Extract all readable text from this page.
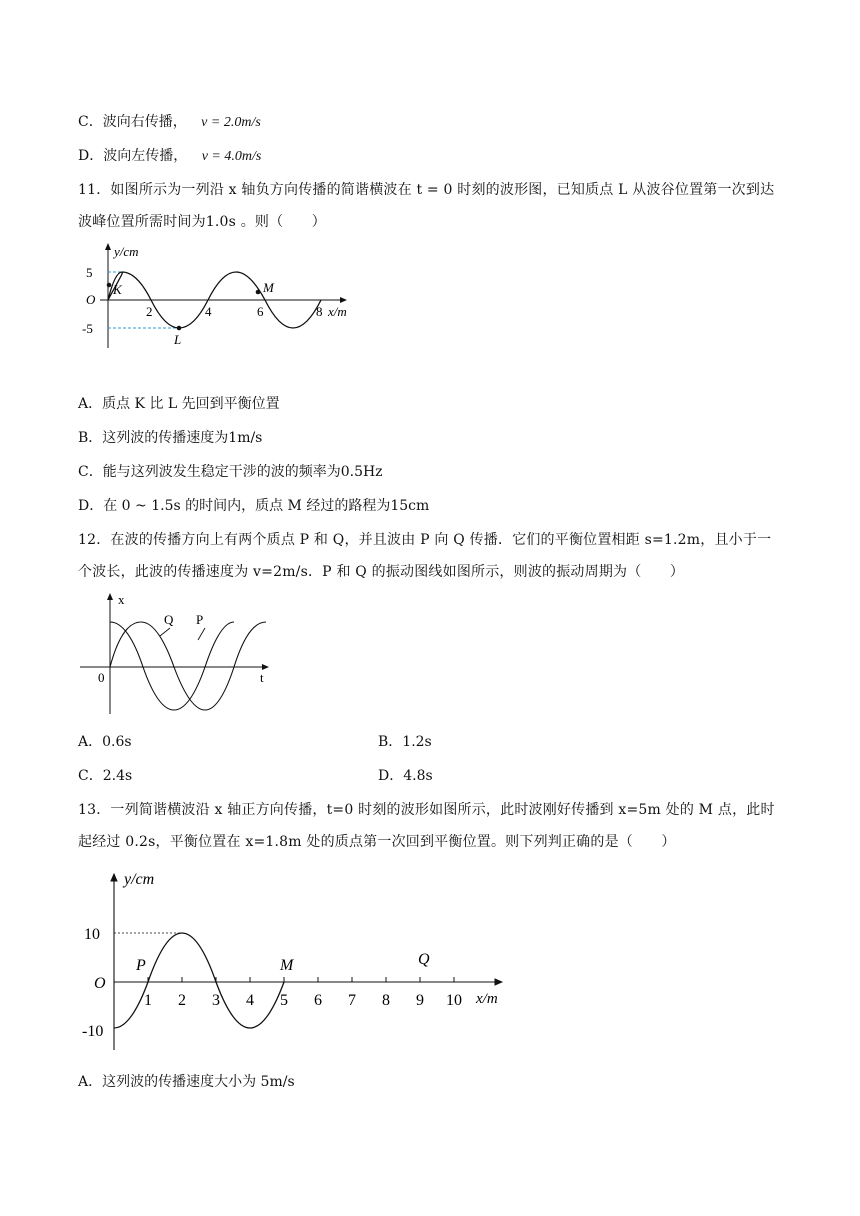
C．波向右传播， v = 2.0m/s
D．波向左传播， v = 4.0m/s
11．如图所示为一列沿 x 轴负方向传播的简谐横波在 t = 0 时刻的波形图，已知质点 L 从波谷位置第一次到达
波峰位置所需时间为1.0s 。则（　　）
5
-5
2	4	6	8
O
y/cm
x/m
K
L
M
A．质点 K 比 L 先回到平衡位置
B．这列波的传播速度为1m/s
C．能与这列波发生稳定干涉的波的频率为0.5Hz
D．在 0 ~ 1.5s 的时间内，质点 M 经过的路程为15cm
12．在波的传播方向上有两个质点 P 和 Q，并且波由 P 向 Q 传播．它们的平衡位置相距 s=1.2m，且小于一
个波长，此波的传播速度为 v=2m/s．P 和 Q 的振动图线如图所示，则波的振动周期为（　　）
x
t
0
Q P
A．0.6s	B．1.2s
C．2.4s	D．4.8s
13．一列简谐横波沿 x 轴正方向传播，t=0 时刻的波形如图所示，此时波刚好传播到 x=5m 处的 M 点，此时
起经过 0.2s，平衡位置在 x=1.8m 处的质点第一次回到平衡位置。则下列判正确的是（　　）
y/cm
x/m
10
-10
O
1 2 3 4 5 6 7 8 9 10
P	M	Q
A．这列波的传播速度大小为 5m/s
